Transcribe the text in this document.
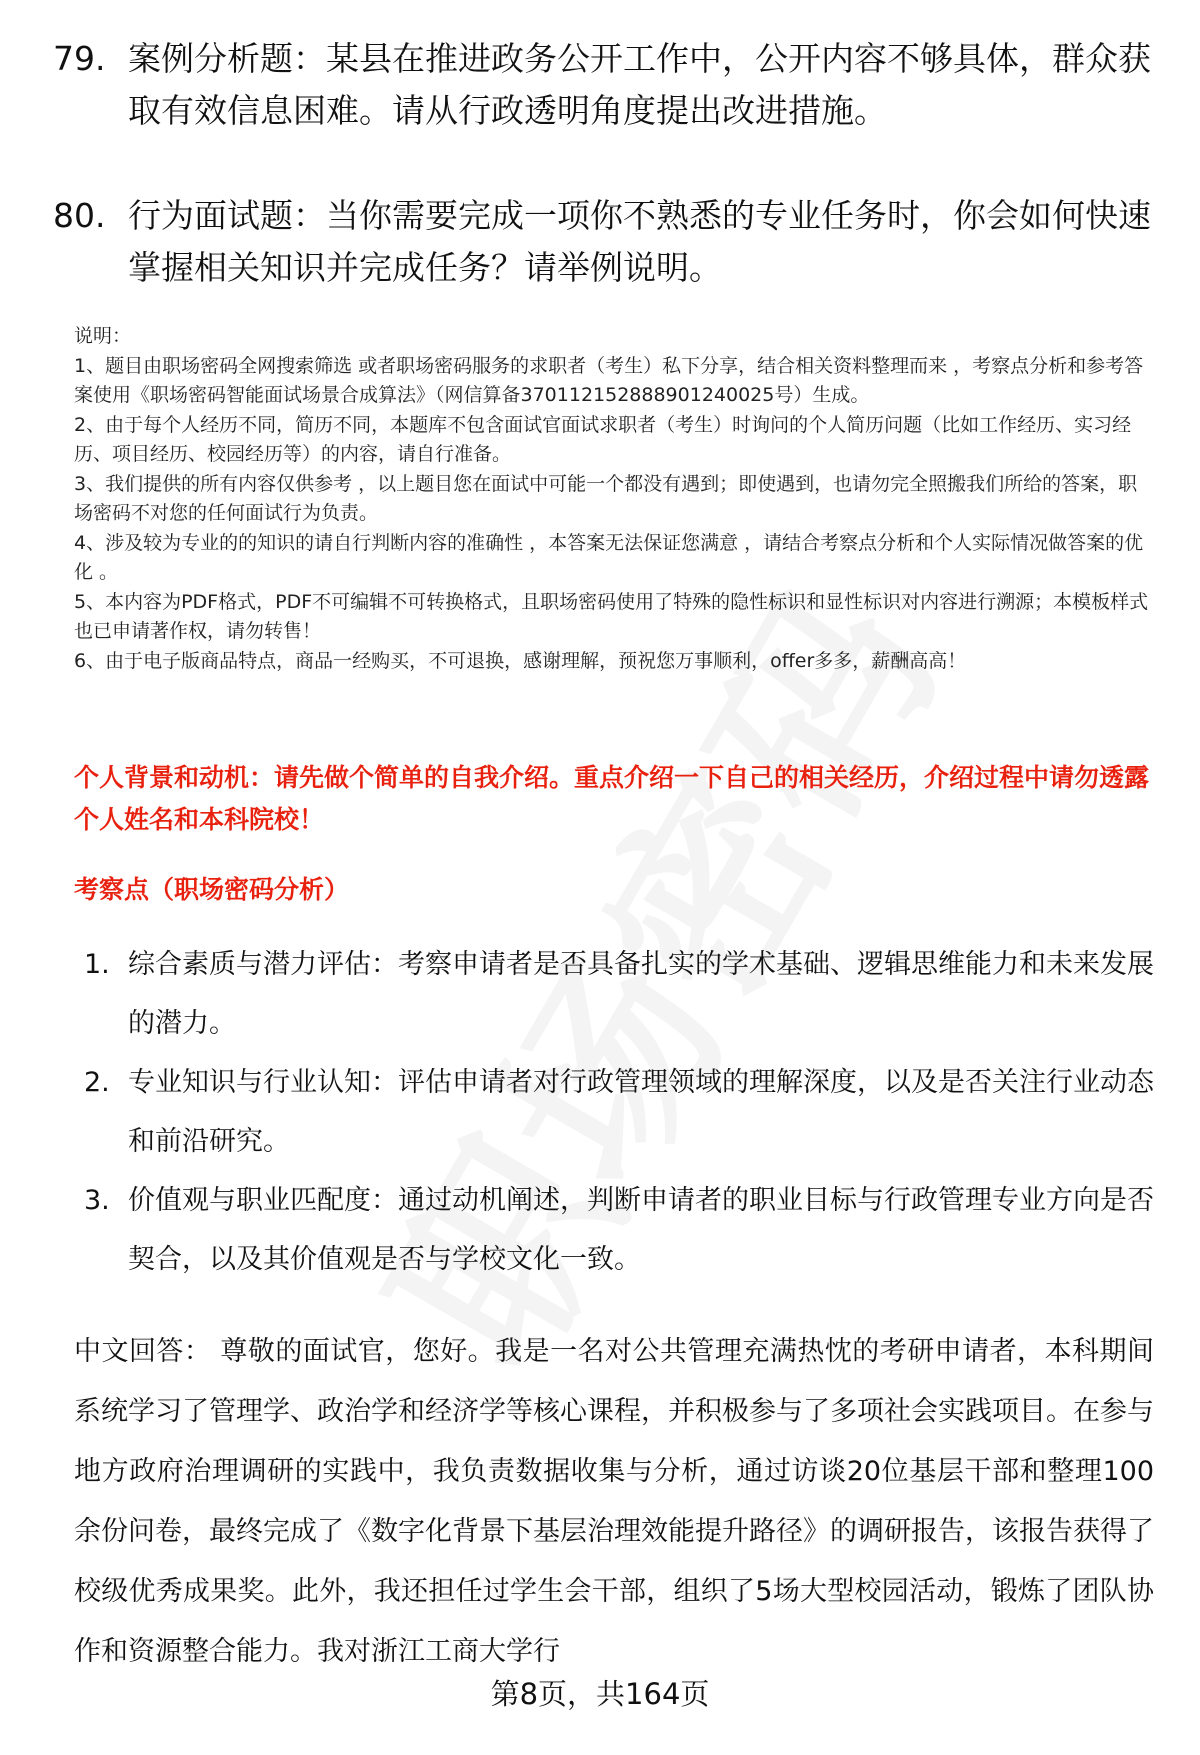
79. 案例分析题：某县在推进政务公开工作中，公开内容不够具体，群众获取有效信息困难。请从行政透明角度提出改进措施。
80. 行为面试题：当你需要完成一项你不熟悉的专业任务时，你会如何快速掌握相关知识并完成任务？请举例说明。
说明：
1、题目由职场密码全网搜索筛选 或者职场密码服务的求职者（考生）私下分享，结合相关资料整理而来 ，考察点分析和参考答案使用《职场密码智能面试场景合成算法》（网信算备370112152888901240025号）生成。
2、由于每个人经历不同，简历不同，本题库不包含面试官面试求职者（考生）时询问的个人简历问题（比如工作经历、实习经历、项目经历、校园经历等）的内容，请自行准备。
3、我们提供的所有内容仅供参考 ，以上题目您在面试中可能一个都没有遇到；即使遇到，也请勿完全照搬我们所给的答案，职场密码不对您的任何面试行为负责。
4、涉及较为专业的的知识的请自行判断内容的准确性 ，本答案无法保证您满意 ，请结合考察点分析和个人实际情况做答案的优化 。
5、本内容为PDF格式，PDF不可编辑不可转换格式，且职场密码使用了特殊的隐性标识和显性标识对内容进行溯源；本模板样式也已申请著作权，请勿转售！
6、由于电子版商品特点，商品一经购买，不可退换，感谢理解，预祝您万事顺利，offer多多，薪酬高高！
个人背景和动机：请先做个简单的自我介绍。重点介绍一下自己的相关经历，介绍过程中请勿透露个人姓名和本科院校！
考察点（职场密码分析）
1. 综合素质与潜力评估：考察申请者是否具备扎实的学术基础、逻辑思维能力和未来发展的潜力。
2. 专业知识与行业认知：评估申请者对行政管理领域的理解深度，以及是否关注行业动态和前沿研究。
3. 价值观与职业匹配度：通过动机阐述，判断申请者的职业目标与行政管理专业方向是否契合，以及其价值观是否与学校文化一致。
中文回答： 尊敬的面试官，您好。我是一名对公共管理充满热忱的考研申请者，本科期间系统学习了管理学、政治学和经济学等核心课程，并积极参与了多项社会实践项目。在参与地方政府治理调研的实践中，我负责数据收集与分析，通过访谈20位基层干部和整理100余份问卷，最终完成了《数字化背景下基层治理效能提升路径》的调研报告，该报告获得了校级优秀成果奖。此外，我还担任过学生会干部，组织了5场大型校园活动，锻炼了团队协作和资源整合能力。我对浙江工商大学行
第8页，共164页
